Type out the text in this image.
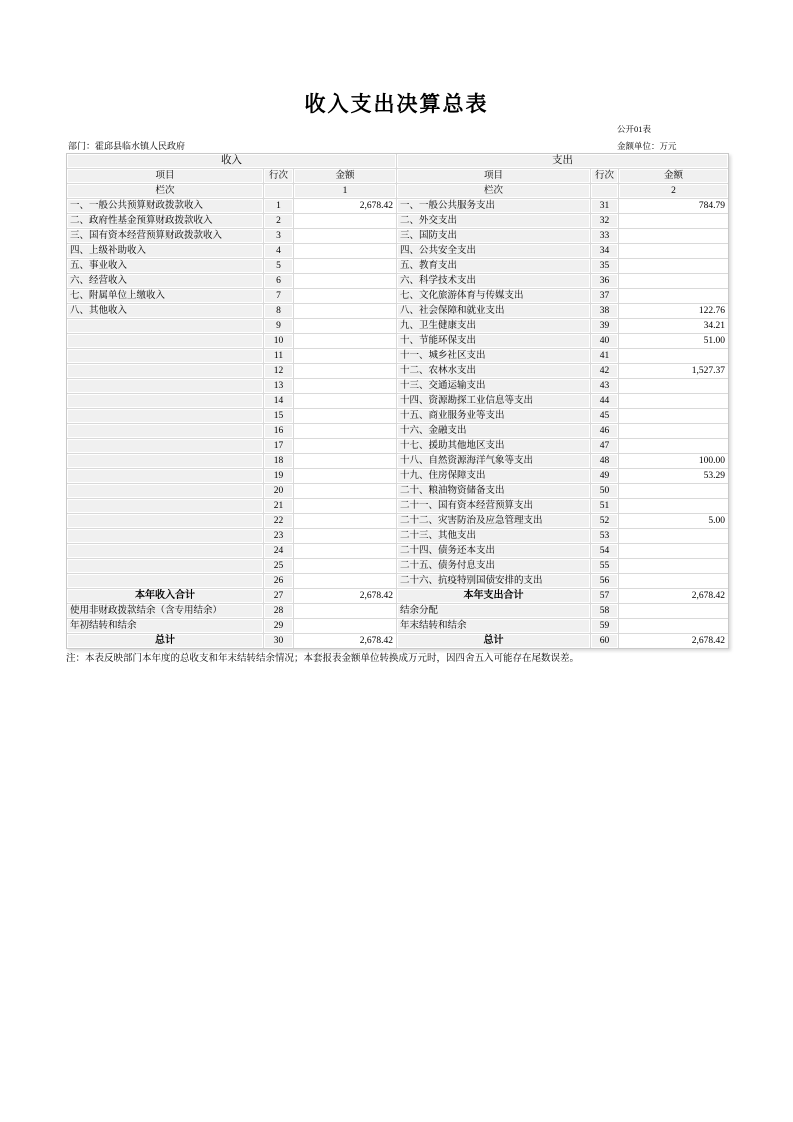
收入支出决算总表
公开01表
部门：霍邱县临水镇人民政府	金额单位：万元
收入			支出		
项目	行次	金额	项目	行次	金额
栏次		1	栏次		2
一、一般公共预算财政拨款收入	1	2,678.42	一、一般公共服务支出	31	784.79
二、政府性基金预算财政拨款收入	2		二、外交支出	32	
三、国有资本经营预算财政拨款收入	3		三、国防支出	33	
四、上级补助收入	4		四、公共安全支出	34	
五、事业收入	5		五、教育支出	35	
六、经营收入	6		六、科学技术支出	36	
七、附属单位上缴收入	7		七、文化旅游体育与传媒支出	37	
八、其他收入	8		八、社会保障和就业支出	38	122.76
	9		九、卫生健康支出	39	34.21
	10		十、节能环保支出	40	51.00
	11		十一、城乡社区支出	41	
	12		十二、农林水支出	42	1,527.37
	13		十三、交通运输支出	43	
	14		十四、资源勘探工业信息等支出	44	
	15		十五、商业服务业等支出	45	
	16		十六、金融支出	46	
	17		十七、援助其他地区支出	47	
	18		十八、自然资源海洋气象等支出	48	100.00
	19		十九、住房保障支出	49	53.29
	20		二十、粮油物资储备支出	50	
	21		二十一、国有资本经营预算支出	51	
	22		二十二、灾害防治及应急管理支出	52	5.00
	23		二十三、其他支出	53	
	24		二十四、债务还本支出	54	
	25		二十五、债务付息支出	55	
	26		二十六、抗疫特别国债安排的支出	56	
本年收入合计	27	2,678.42	本年支出合计	57	2,678.42
使用非财政拨款结余（含专用结余）	28		结余分配	58	
年初结转和结余	29		年末结转和结余	59	
总计	30	2,678.42	总计	60	2,678.42

注：本表反映部门本年度的总收支和年末结转结余情况；本套报表金额单位转换成万元时，因四舍五入可能存在尾数误差。
